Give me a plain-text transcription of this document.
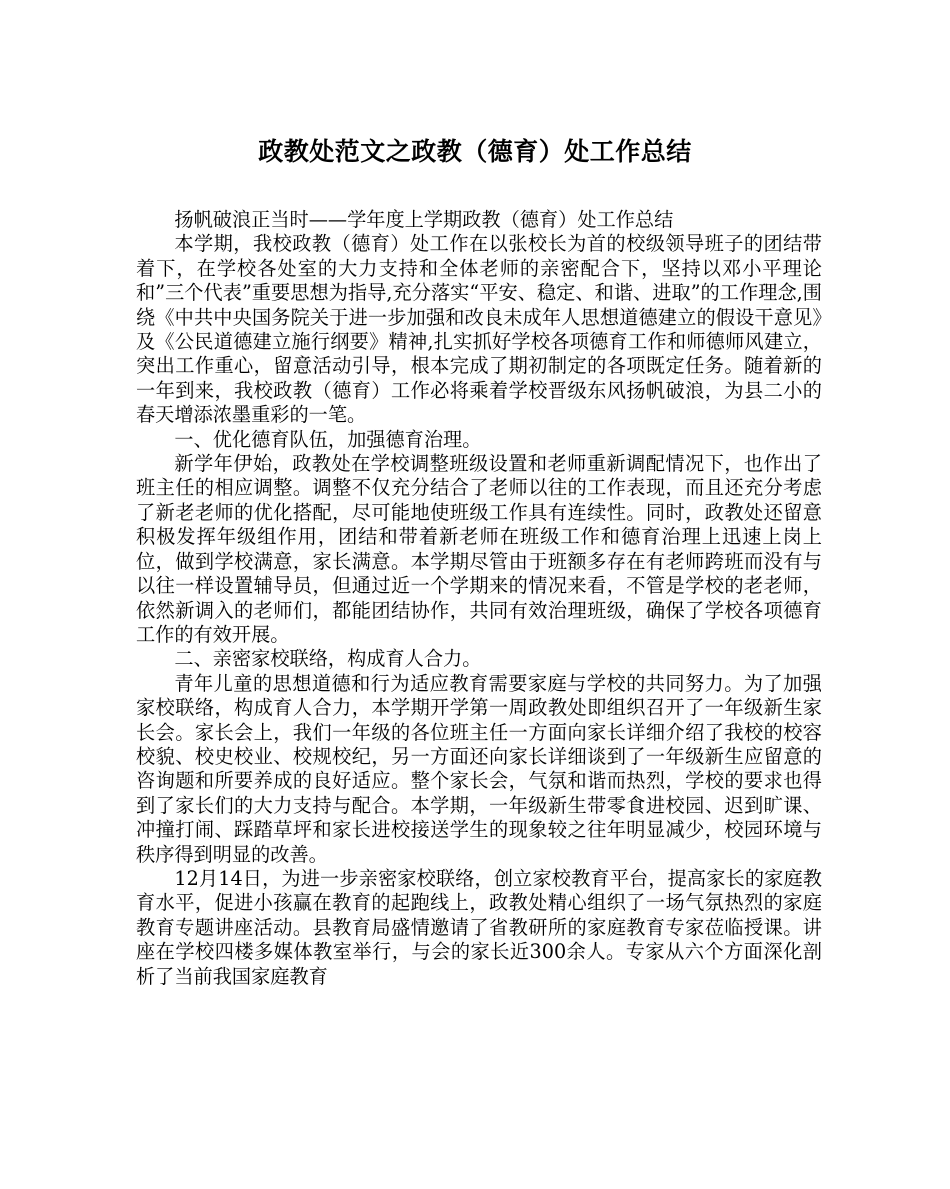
政教处范文之政教（德育）处工作总结

扬帆破浪正当时——学年度上学期政教（德育）处工作总结

本学期，我校政教（德育）处工作在以张校长为首的校级领导班子的团结带着下，在学校各处室的大力支持和全体老师的亲密配合下，坚持以邓小平理论和”三个代表”重要思想为指导,充分落实“平安、稳定、和谐、进取”的工作理念,围绕《中共中央国务院关于进一步加强和改良未成年人思想道德建立的假设干意见》及《公民道德建立施行纲要》精神,扎实抓好学校各项德育工作和师德师风建立，突出工作重心，留意活动引导，根本完成了期初制定的各项既定任务。随着新的一年到来，我校政教（德育）工作必将乘着学校晋级东风扬帆破浪，为县二小的春天增添浓墨重彩的一笔。

一、优化德育队伍，加强德育治理。

新学年伊始，政教处在学校调整班级设置和老师重新调配情况下，也作出了班主任的相应调整。调整不仅充分结合了老师以往的工作表现，而且还充分考虑了新老老师的优化搭配，尽可能地使班级工作具有连续性。同时，政教处还留意积极发挥年级组作用，团结和带着新老师在班级工作和德育治理上迅速上岗上位，做到学校满意，家长满意。本学期尽管由于班额多存在有老师跨班而没有与以往一样设置辅导员，但通过近一个学期来的情况来看，不管是学校的老老师，依然新调入的老师们，都能团结协作，共同有效治理班级，确保了学校各项德育工作的有效开展。

二、亲密家校联络，构成育人合力。

青年儿童的思想道德和行为适应教育需要家庭与学校的共同努力。为了加强家校联络，构成育人合力，本学期开学第一周政教处即组织召开了一年级新生家长会。家长会上，我们一年级的各位班主任一方面向家长详细介绍了我校的校容校貌、校史校业、校规校纪，另一方面还向家长详细谈到了一年级新生应留意的咨询题和所要养成的良好适应。整个家长会，气氛和谐而热烈，学校的要求也得到了家长们的大力支持与配合。本学期，一年级新生带零食进校园、迟到旷课、冲撞打闹、踩踏草坪和家长进校接送学生的现象较之往年明显减少，校园环境与秩序得到明显的改善。

12月14日，为进一步亲密家校联络，创立家校教育平台，提高家长的家庭教育水平，促进小孩赢在教育的起跑线上，政教处精心组织了一场气氛热烈的家庭教育专题讲座活动。县教育局盛情邀请了省教研所的家庭教育专家莅临授课。讲座在学校四楼多媒体教室举行，与会的家长近300余人。专家从六个方面深化剖析了当前我国家庭教育
